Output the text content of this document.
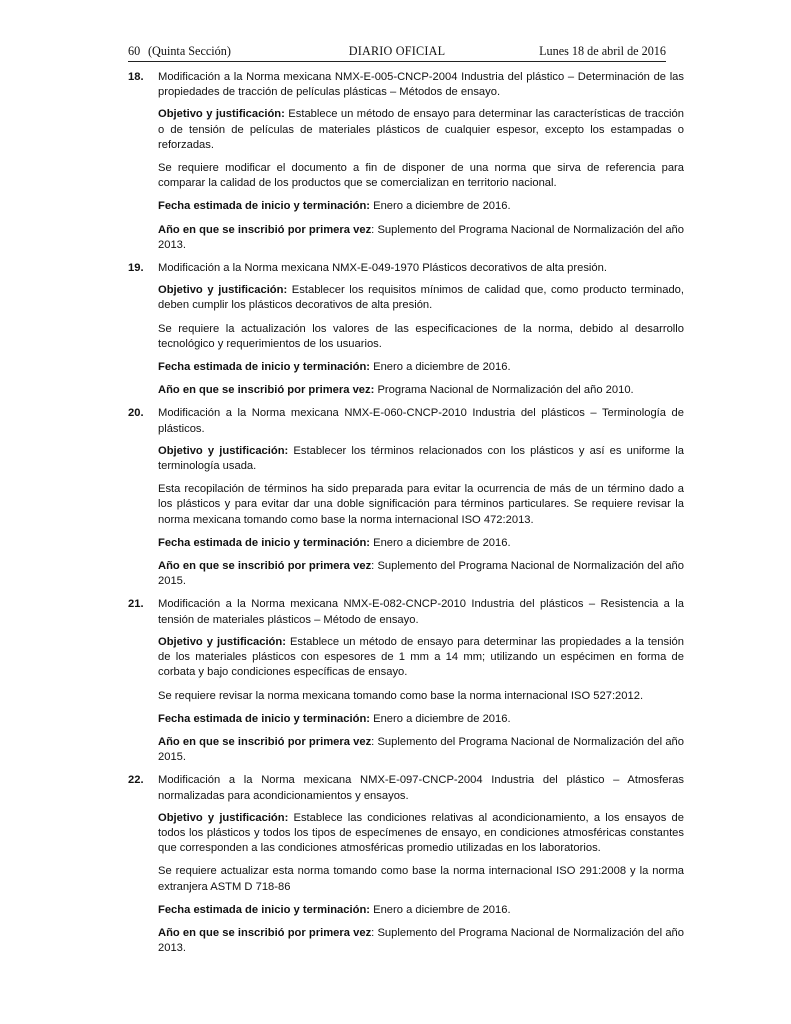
60 (Quinta Sección)	DIARIO OFICIAL	Lunes 18 de abril de 2016
18.	Modificación a la Norma mexicana NMX-E-005-CNCP-2004 Industria del plástico – Determinación de las propiedades de tracción de películas plásticas – Métodos de ensayo.

Objetivo y justificación: Establece un método de ensayo para determinar las características de tracción o de tensión de películas de materiales plásticos de cualquier espesor, excepto los estampadas o reforzadas.

Se requiere modificar el documento a fin de disponer de una norma que sirva de referencia para comparar la calidad de los productos que se comercializan en territorio nacional.

Fecha estimada de inicio y terminación: Enero a diciembre de 2016.

Año en que se inscribió por primera vez: Suplemento del Programa Nacional de Normalización del año 2013.

19.	Modificación a la Norma mexicana NMX-E-049-1970 Plásticos decorativos de alta presión.

Objetivo y justificación: Establecer los requisitos mínimos de calidad que, como producto terminado, deben cumplir los plásticos decorativos de alta presión.

Se requiere la actualización los valores de las especificaciones de la norma, debido al desarrollo tecnológico y requerimientos de los usuarios.

Fecha estimada de inicio y terminación: Enero a diciembre de 2016.

Año en que se inscribió por primera vez: Programa Nacional de Normalización del año 2010.

20.	Modificación a la Norma mexicana NMX-E-060-CNCP-2010 Industria del plásticos – Terminología de plásticos.

Objetivo y justificación: Establecer los términos relacionados con los plásticos y así es uniforme la terminología usada.

Esta recopilación de términos ha sido preparada para evitar la ocurrencia de más de un término dado a los plásticos y para evitar dar una doble significación para términos particulares. Se requiere revisar la norma mexicana tomando como base la norma internacional ISO 472:2013.

Fecha estimada de inicio y terminación: Enero a diciembre de 2016.

Año en que se inscribió por primera vez: Suplemento del Programa Nacional de Normalización del año 2015.

21.	Modificación a la Norma mexicana NMX-E-082-CNCP-2010 Industria del plásticos – Resistencia a la tensión de materiales plásticos – Método de ensayo.

Objetivo y justificación: Establece un método de ensayo para determinar las propiedades a la tensión de los materiales plásticos con espesores de 1 mm a 14 mm; utilizando un espécimen en forma de corbata y bajo condiciones específicas de ensayo.

Se requiere revisar la norma mexicana tomando como base la norma internacional ISO 527:2012.

Fecha estimada de inicio y terminación: Enero a diciembre de 2016.

Año en que se inscribió por primera vez: Suplemento del Programa Nacional de Normalización del año 2015.

22.	Modificación a la Norma mexicana NMX-E-097-CNCP-2004 Industria del plástico – Atmosferas normalizadas para acondicionamientos y ensayos.

Objetivo y justificación: Establece las condiciones relativas al acondicionamiento, a los ensayos de todos los plásticos y todos los tipos de especímenes de ensayo, en condiciones atmosféricas constantes que corresponden a las condiciones atmosféricas promedio utilizadas en los laboratorios.

Se requiere actualizar esta norma tomando como base la norma internacional ISO 291:2008 y la norma extranjera ASTM D 718-86

Fecha estimada de inicio y terminación: Enero a diciembre de 2016.

Año en que se inscribió por primera vez: Suplemento del Programa Nacional de Normalización del año 2013.
